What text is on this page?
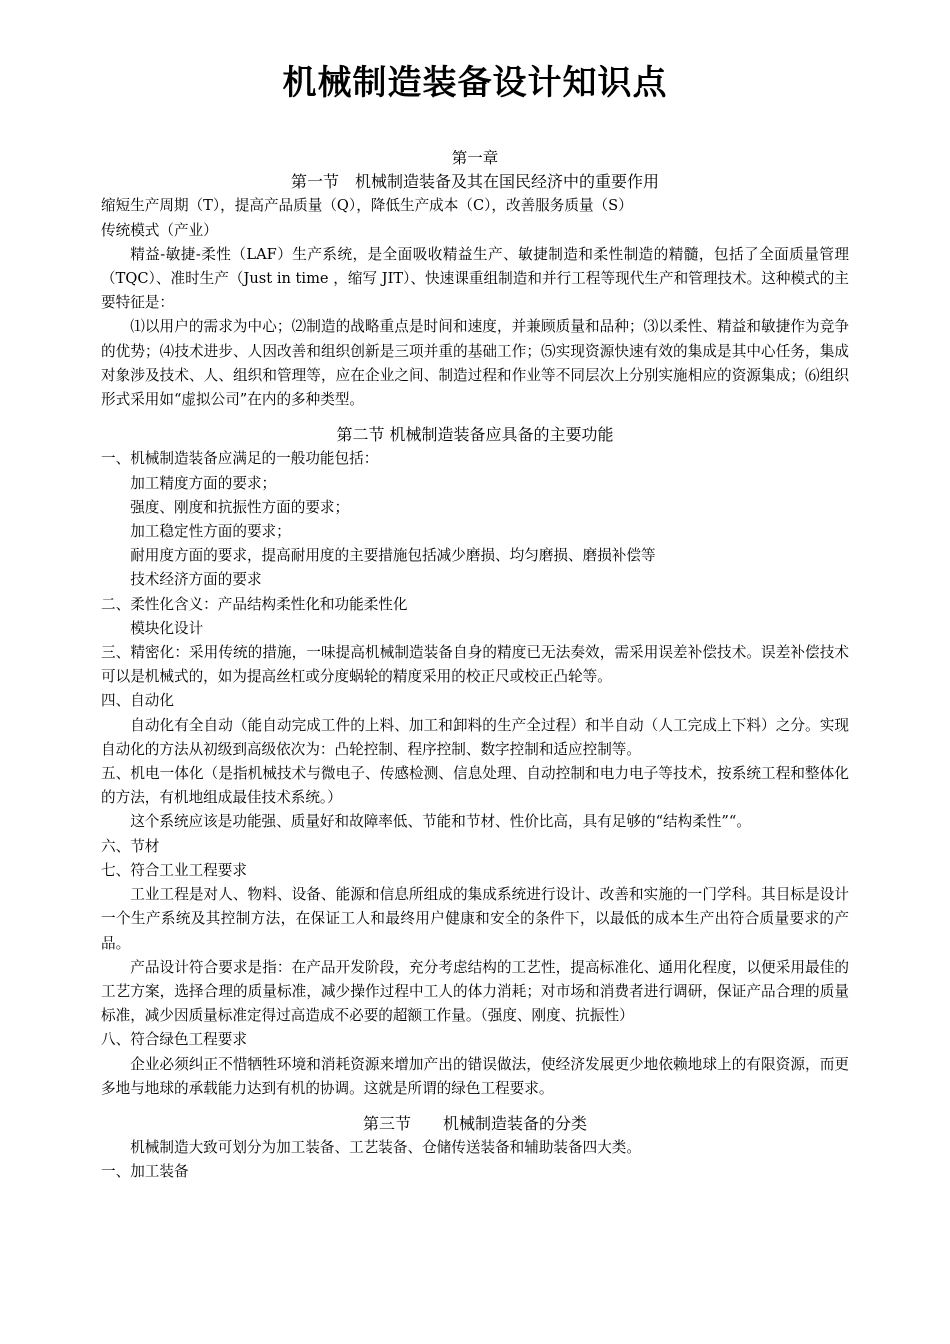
机械制造装备设计知识点
第一章
第一节　机械制造装备及其在国民经济中的重要作用

缩短生产周期（T），提高产品质量（Q），降低生产成本（C），改善服务质量（S）

传统模式（产业）

精益-敏捷-柔性（LAF）生产系统，是全面吸收精益生产、敏捷制造和柔性制造的精髓，包括了全面质量管理（TQC）、准时生产（Just in time ，缩写 JIT）、快速课重组制造和并行工程等现代生产和管理技术。这种模式的主要特征是：

⑴以用户的需求为中心；⑵制造的战略重点是时间和速度，并兼顾质量和品种；⑶以柔性、精益和敏捷作为竞争的优势；⑷技术进步、人因改善和组织创新是三项并重的基础工作；⑸实现资源快速有效的集成是其中心任务，集成对象涉及技术、人、组织和管理等，应在企业之间、制造过程和作业等不同层次上分别实施相应的资源集成；⑹组织形式采用如“虚拟公司”在内的多种类型。

第二节 机械制造装备应具备的主要功能

一、机械制造装备应满足的一般功能包括：

加工精度方面的要求；

强度、刚度和抗振性方面的要求；

加工稳定性方面的要求；

耐用度方面的要求，提高耐用度的主要措施包括减少磨损、均匀磨损、磨损补偿等

技术经济方面的要求

二、柔性化含义：产品结构柔性化和功能柔性化

模块化设计

三、精密化：采用传统的措施，一味提高机械制造装备自身的精度已无法奏效，需采用误差补偿技术。误差补偿技术可以是机械式的，如为提高丝杠或分度蜗轮的精度采用的校正尺或校正凸轮等。

四、自动化

自动化有全自动（能自动完成工件的上料、加工和卸料的生产全过程）和半自动（人工完成上下料）之分。实现自动化的方法从初级到高级依次为：凸轮控制、程序控制、数字控制和适应控制等。

五、机电一体化（是指机械技术与微电子、传感检测、信息处理、自动控制和电力电子等技术，按系统工程和整体化的方法，有机地组成最佳技术系统。）

这个系统应该是功能强、质量好和故障率低、节能和节材、性价比高，具有足够的“结构柔性”“。

六、节材

七、符合工业工程要求

工业工程是对人、物料、设备、能源和信息所组成的集成系统进行设计、改善和实施的一门学科。其目标是设计一个生产系统及其控制方法，在保证工人和最终用户健康和安全的条件下，以最低的成本生产出符合质量要求的产品。

产品设计符合要求是指：在产品开发阶段，充分考虑结构的工艺性，提高标准化、通用化程度，以便采用最佳的工艺方案，选择合理的质量标准，减少操作过程中工人的体力消耗；对市场和消费者进行调研，保证产品合理的质量标准，减少因质量标准定得过高造成不必要的超额工作量。（强度、刚度、抗振性）

八、符合绿色工程要求

企业必须纠正不惜牺牲环境和消耗资源来增加产出的错误做法，使经济发展更少地依赖地球上的有限资源，而更多地与地球的承载能力达到有机的协调。这就是所谓的绿色工程要求。

第三节　　机械制造装备的分类

机械制造大致可划分为加工装备、工艺装备、仓储传送装备和辅助装备四大类。

一、加工装备
